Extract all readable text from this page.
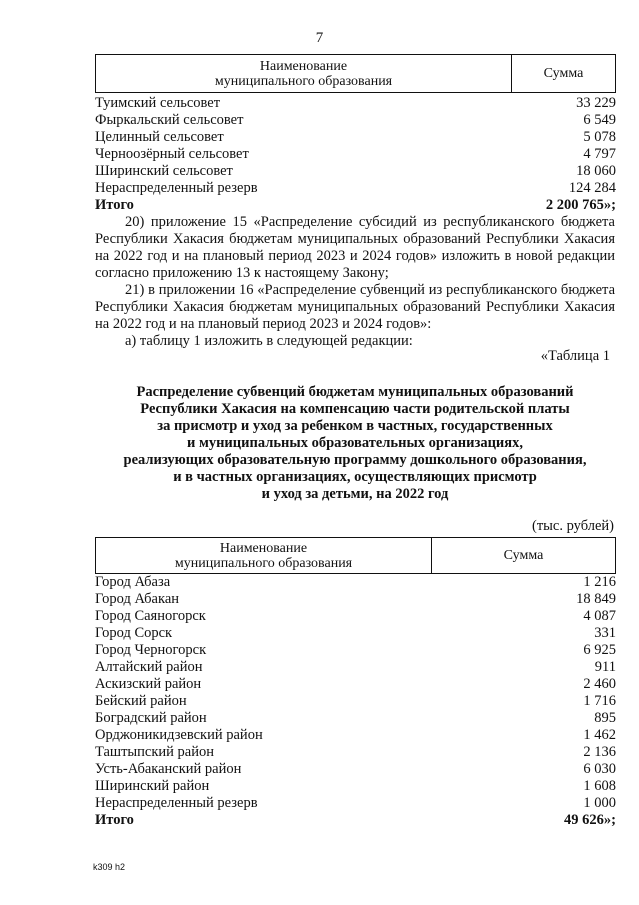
7
Наименование
муниципального образования	Сумма
Туимский сельсовет	33 229
Фыркальский сельсовет	6 549
Целинный сельсовет	5 078
Черноозёрный сельсовет	4 797
Ширинский сельсовет	18 060
Нераспределенный резерв	124 284
Итого	2 200 765»;

20) приложение 15 «Распределение субсидий из республиканского бюджета Республики Хакасия бюджетам муниципальных образований Республики Хакасия на 2022 год и на плановый период 2023 и 2024 годов» изложить в новой редакции согласно приложению 13 к настоящему Закону;

21) в приложении 16 «Распределение субвенций из республиканского бюджета Республики Хакасия бюджетам муниципальных образований Республики Хакасия на 2022 год и на плановый период 2023 и 2024 годов»:

а) таблицу 1 изложить в следующей редакции:

«Таблица 1
Распределение субвенций бюджетам муниципальных образований
Республики Хакасия на компенсацию части родительской платы
за присмотр и уход за ребенком в частных, государственных
и муниципальных образовательных организациях,
реализующих образовательную программу дошкольного образования,
и в частных организациях, осуществляющих присмотр
и уход за детьми, на 2022 год
(тыс. рублей)
Наименование
муниципального образования	Сумма
Город Абаза	1 216
Город Абакан	18 849
Город Саяногорск	4 087
Город Сорск	331
Город Черногорск	6 925
Алтайский район	911
Аскизский район	2 460
Бейский район	1 716
Боградский район	895
Орджоникидзевский район	1 462
Таштыпский район	2 136
Усть-Абаканский район	6 030
Ширинский район	1 608
Нераспределенный резерв	1 000
Итого	49 626»;
k309 h2
